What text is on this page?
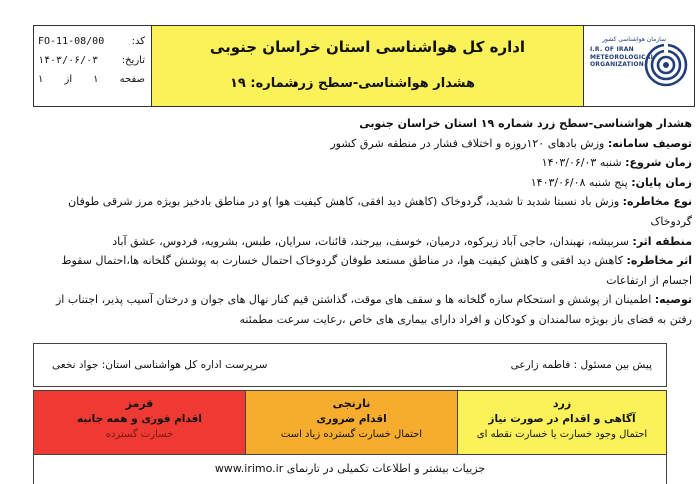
کد:
FO-11-08/00
تاریخ:
۱۴۰۳/۰۶/۰۳
صفحه
۱
از
۱
اداره کل هواشناسی استان خراسان جنوبی
هشدار هواشناسی-سطح زرد
شماره: ۱۹
سازمان هواشناسی کشور
I.R. OF IRAN
METEOROLOGICAL
ORGANIZATION

هشدار هواشناسی-سطح زرد شماره ۱۹ استان خراسان جنوبی

توصیف سامانه: وزش بادهای ۱۲۰روزه و اختلاف فشار در منطقه شرق کشور

زمان شروع: شنبه ۱۴۰۳/۰۶/۰۳

زمان پایان: پنج شنبه ۱۴۰۳/۰۶/۰۸

نوع مخاطره: وزش باد نسبتا شدید تا شدید، گردوخاک (کاهش دید افقی، کاهش کیفیت هوا )و در مناطق بادخیز بویژه مرز شرقی طوفان گردوخاک

منطقه اثر: سربیشه، نهبندان، حاجی آباد زیرکوه، درمیان، خوسف، بیرجند، قائنات، سرایان، طبس، بشرویه، فردوس، عشق آباد

اثر مخاطره: کاهش دید افقی و کاهش کیفیت هوا، در مناطق مستعد طوفان گردوخاک احتمال خسارت به پوشش گلخانه ها،احتمال سقوط اجسام از ارتفاعات

توصیه: اطمینان از پوشش و استحکام سازه گلخانه ها و سقف های موقت، گذاشتن قیم کنار نهال های جوان و درختان آسیب پذیر، اجتناب از رفتن به فضای باز بویژه سالمندان و کودکان و افراد دارای بیماری های خاص ،رعایت سرعت مطمئنه

پیش بین مسئول : فاطمه زارعی
سرپرست اداره کل هواشناسی استان: جواد نخعی
قرمز
اقدام فوری و همه جانبه
خسارت گسترده
نارنجی
اقدام ضروری
احتمال خسارت گسترده زیاد است
زرد
آگاهی و اقدام در صورت نیاز
احتمال وجود خسارت یا خسارت نقطه ای
جزییات بیشتر و اطلاعات تکمیلی در تارنمای www.irimo.ir
